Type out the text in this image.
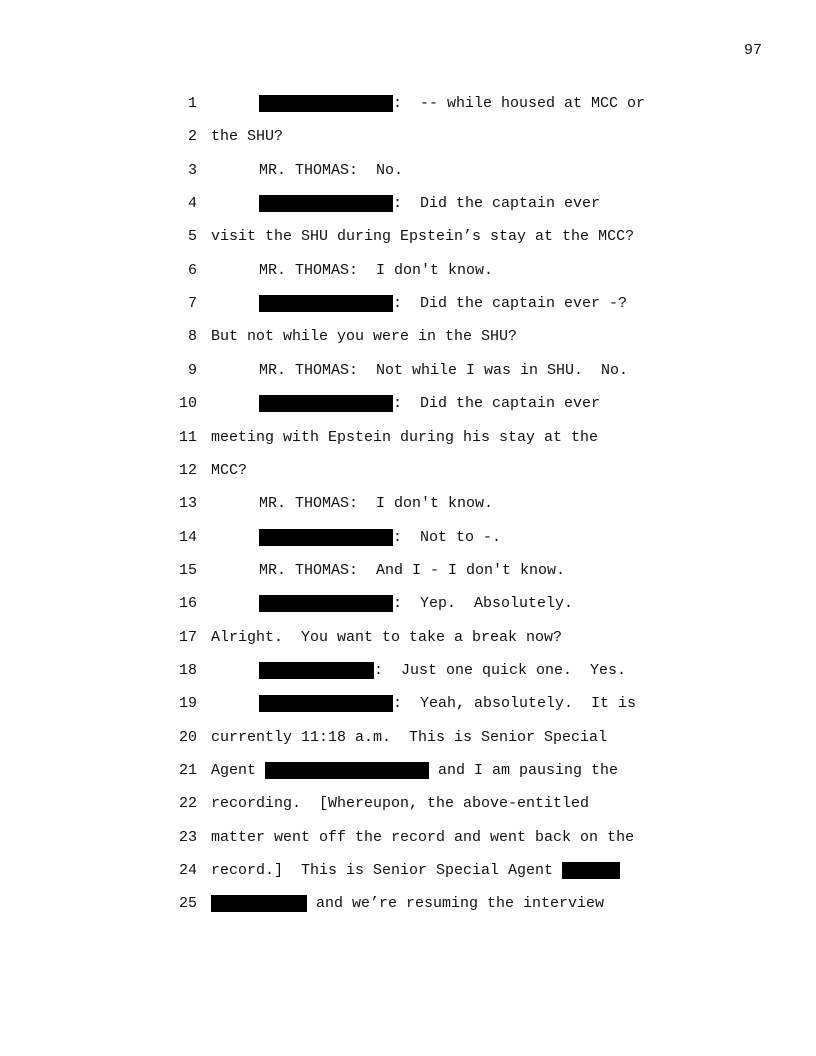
97
1	:  -- while housed at MCC or
2 the SHU?
3	MR. THOMAS:  No.
4	:  Did the captain ever
5 visit the SHU during Epstein’s stay at the MCC?
6	MR. THOMAS:  I don't know.
7	:  Did the captain ever -?
8 But not while you were in the SHU?
9	MR. THOMAS:  Not while I was in SHU.  No.
10	:  Did the captain ever
11 meeting with Epstein during his stay at the
12 MCC?
13	MR. THOMAS:  I don't know.
14	:  Not to -.
15	MR. THOMAS:  And I - I don't know.
16	:  Yep.  Absolutely.
17 Alright.  You want to take a break now?
18	:  Just one quick one.  Yes.
19	:  Yeah, absolutely.  It is
20 currently 11:18 a.m.  This is Senior Special
21 Agent	and I am pausing the
22 recording.  [Whereupon, the above-entitled
23 matter went off the record and went back on the
24 record.]  This is Senior Special Agent
25	and we’re resuming the interview
